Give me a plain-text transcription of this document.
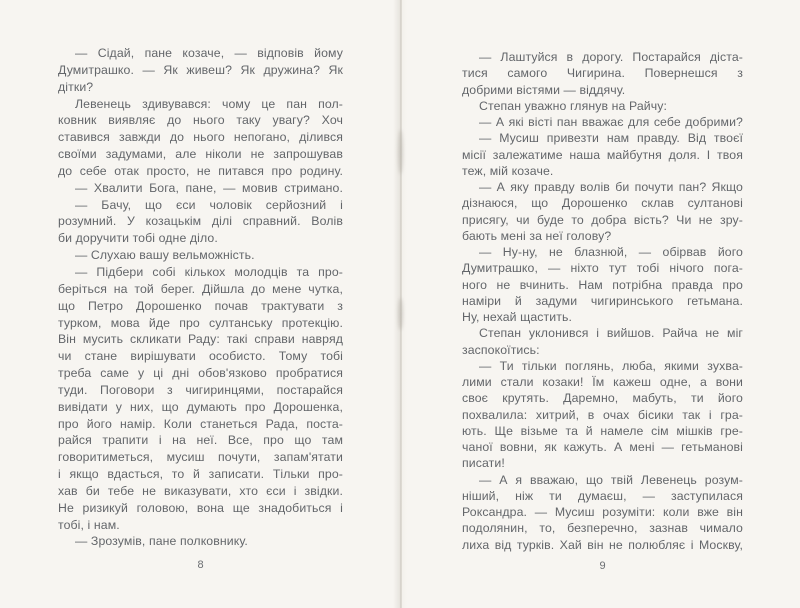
— Сідай, пане козаче, — відповів йому
Думитрашко. — Як живеш? Як дружина? Як
дітки?
Левенець здивувався: чому це пан пол-
ковник виявляє до нього таку увагу? Хоч
ставився завжди до нього непогано, ділився
своїми задумами, але ніколи не запрошував
до себе отак просто, не питався про родину.
— Хвалити Бога, пане, — мовив стримано.
— Бачу, що єси чоловік серйозний і
розумний. У козацькім ділі справний. Волів
би доручити тобі одне діло.
— Слухаю вашу вельможність.
— Підбери собі кількох молодців та про-
беріться на той берег. Дійшла до мене чутка,
що Петро Дорошенко почав трактувати з
турком, мова йде про султанську протекцію.
Він мусить скликати Раду: такі справи навряд
чи стане вирішувати особисто. Тому тобі
треба саме у ці дні обов'язково пробратися
туди. Поговори з чигиринцями, постарайся
вивідати у них, що думають про Дорошенка,
про його намір. Коли станеться Рада, поста-
райся трапити і на неї. Все, про що там
говоритиметься, мусиш почути, запам'ятати
і якщо вдасться, то й записати. Тільки про-
хав би тебе не виказувати, хто єси і звідки.
Не ризикуй головою, вона ще знадобиться і
тобі, і нам.
— Зрозумів, пане полковнику.
— Лаштуйся в дорогу. Постарайся діста-
тися самого Чигирина. Повернешся з
добрими вістями — віддячу.
Степан уважно глянув на Райчу:
— А які вісті пан вважає для себе добрими?
— Мусиш привезти нам правду. Від твоєї
місії залежатиме наша майбутня доля. І твоя
теж, мій козаче.
— А яку правду волів би почути пан? Якщо
дізнаюся, що Дорошенко склав султанові
присягу, чи буде то добра вість? Чи не зру-
бають мені за неї голову?
— Ну-ну, не блазнюй, — обірвав його
Думитрашко, — ніхто тут тобі нічого пога-
ного не вчинить. Нам потрібна правда про
наміри й задуми чигиринського гетьмана.
Ну, нехай щастить.
Степан уклонився і вийшов. Райча не міг
заспокоїтись:
— Ти тільки поглянь, люба, якими зухва-
лими стали козаки! Їм кажеш одне, а вони
своє крутять. Даремно, мабуть, ти його
похвалила: хитрий, в очах бісики так і гра-
ють. Ще візьме та й намеле сім мішків гре-
чаної вовни, як кажуть. А мені — гетьманові
писати!
— А я вважаю, що твій Левенець розум-
ніший, ніж ти думаєш, — заступилася
Роксандра. — Мусиш розуміти: коли вже він
подолянин, то, безперечно, зазнав чимало
лиха від турків. Хай він не полюбляє і Москву,
8	9
